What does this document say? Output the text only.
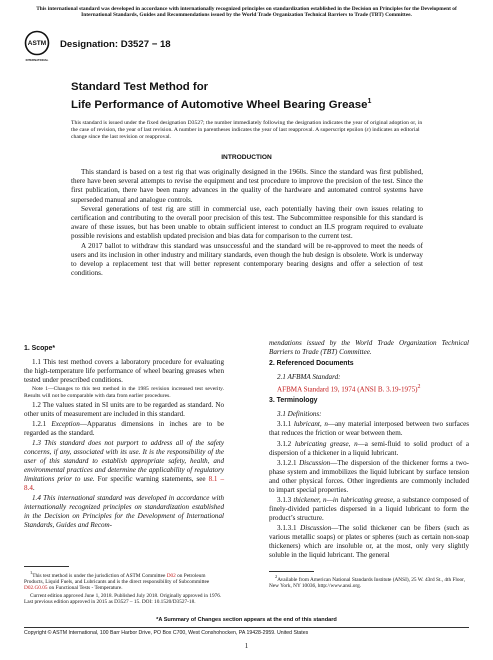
This international standard was developed in accordance with internationally recognized principles on standardization established in the Decision on Principles for the Development of International Standards, Guides and Recommendations issued by the World Trade Organization Technical Barriers to Trade (TBT) Committee.
ASTM
INTERNATIONAL
Designation: D3527 − 18
Standard Test Method for
Life Performance of Automotive Wheel Bearing Grease$^1$
This standard is issued under the fixed designation D3527; the number immediately following the designation indicates the year of original adoption or, in the case of revision, the year of last revision. A number in parentheses indicates the year of last reapproval. A superscript epsilon (ε) indicates an editorial change since the last revision or reapproval.
INTRODUCTION

This standard is based on a test rig that was originally designed in the 1960s. Since the standard was first published, there have been several attempts to revise the equipment and test procedure to improve the precision of the test. Since the first publication, there have been many advances in the quality of the hardware and automated control systems have superseded manual and analogue controls.

Several generations of test rig are still in commercial use, each potentially having their own issues relating to certification and contributing to the overall poor precision of this test. The Subcommittee responsible for this standard is aware of these issues, but has been unable to obtain sufficient interest to conduct an ILS program required to evaluate possible revisions and establish updated precision and bias data for comparison to the current test.

A 2017 ballot to withdraw this standard was unsuccessful and the standard will be re-approved to meet the needs of users and its inclusion in other industry and military standards, even though the hub design is obsolete. Work is underway to develop a replacement test that will better represent contemporary bearing designs and offer a selection of test conditions.

1. Scope*

1.1 This test method covers a laboratory procedure for evaluating the high-temperature life performance of wheel bearing greases when tested under prescribed conditions.

Note 1—Changes to this test method in the 1985 revision increased test severity. Results will not be comparable with data from earlier procedures.

1.2 The values stated in SI units are to be regarded as standard. No other units of measurement are included in this standard.

1.2.1 Exception—Apparatus dimensions in inches are to be regarded as the standard.

1.3 This standard does not purport to address all of the safety concerns, if any, associated with its use. It is the responsibility of the user of this standard to establish appropriate safety, health, and environmental practices and determine the applicability of regulatory limitations prior to use. For specific warning statements, see 8.1 – 8.4.

1.4 This international standard was developed in accordance with internationally recognized principles on standardization established in the Decision on Principles for the Development of International Standards, Guides and Recom-

mendations issued by the World Trade Organization Technical Barriers to Trade (TBT) Committee.

2. Referenced Documents

2.1 AFBMA Standard:

AFBMA Standard 19, 1974 (ANSI B. 3.19-1975)$^2$

3. Terminology

3.1 Definitions:

3.1.1 lubricant, n—any material interposed between two surfaces that reduces the friction or wear between them.

3.1.2 lubricating grease, n—a semi-fluid to solid product of a dispersion of a thickener in a liquid lubricant.

3.1.2.1 Discussion—The dispersion of the thickener forms a two-phase system and immobilizes the liquid lubricant by surface tension and other physical forces. Other ingredients are commonly included to impart special properties.

3.1.3 thickener, n—in lubricating grease, a substance composed of finely-divided particles dispersed in a liquid lubricant to form the product’s structure.

3.1.3.1 Discussion—The solid thickener can be fibers (such as various metallic soaps) or plates or spheres (such as certain non-soap thickeners) which are insoluble or, at the most, only very slightly soluble in the liquid lubricant. The general

$^1$This test method is under the jurisdiction of ASTM Committee D02 on Petroleum Products, Liquid Fuels, and Lubricants and is the direct responsibility of Subcommittee D02.G0.05 on Functional Tests - Temperature.

Current edition approved June 1, 2018. Published July 2018. Originally approved in 1976. Last previous edition approved in 2015 as D3527 – 15. DOI: 10.1520/D3527-18.

$^2$Available from American National Standards Institute (ANSI), 25 W. 43rd St., 4th Floor, New York, NY 10036, http://www.ansi.org.

*A Summary of Changes section appears at the end of this standard
Copyright © ASTM International, 100 Barr Harbor Drive, PO Box C700, West Conshohocken, PA 19428-2959. United States
1
